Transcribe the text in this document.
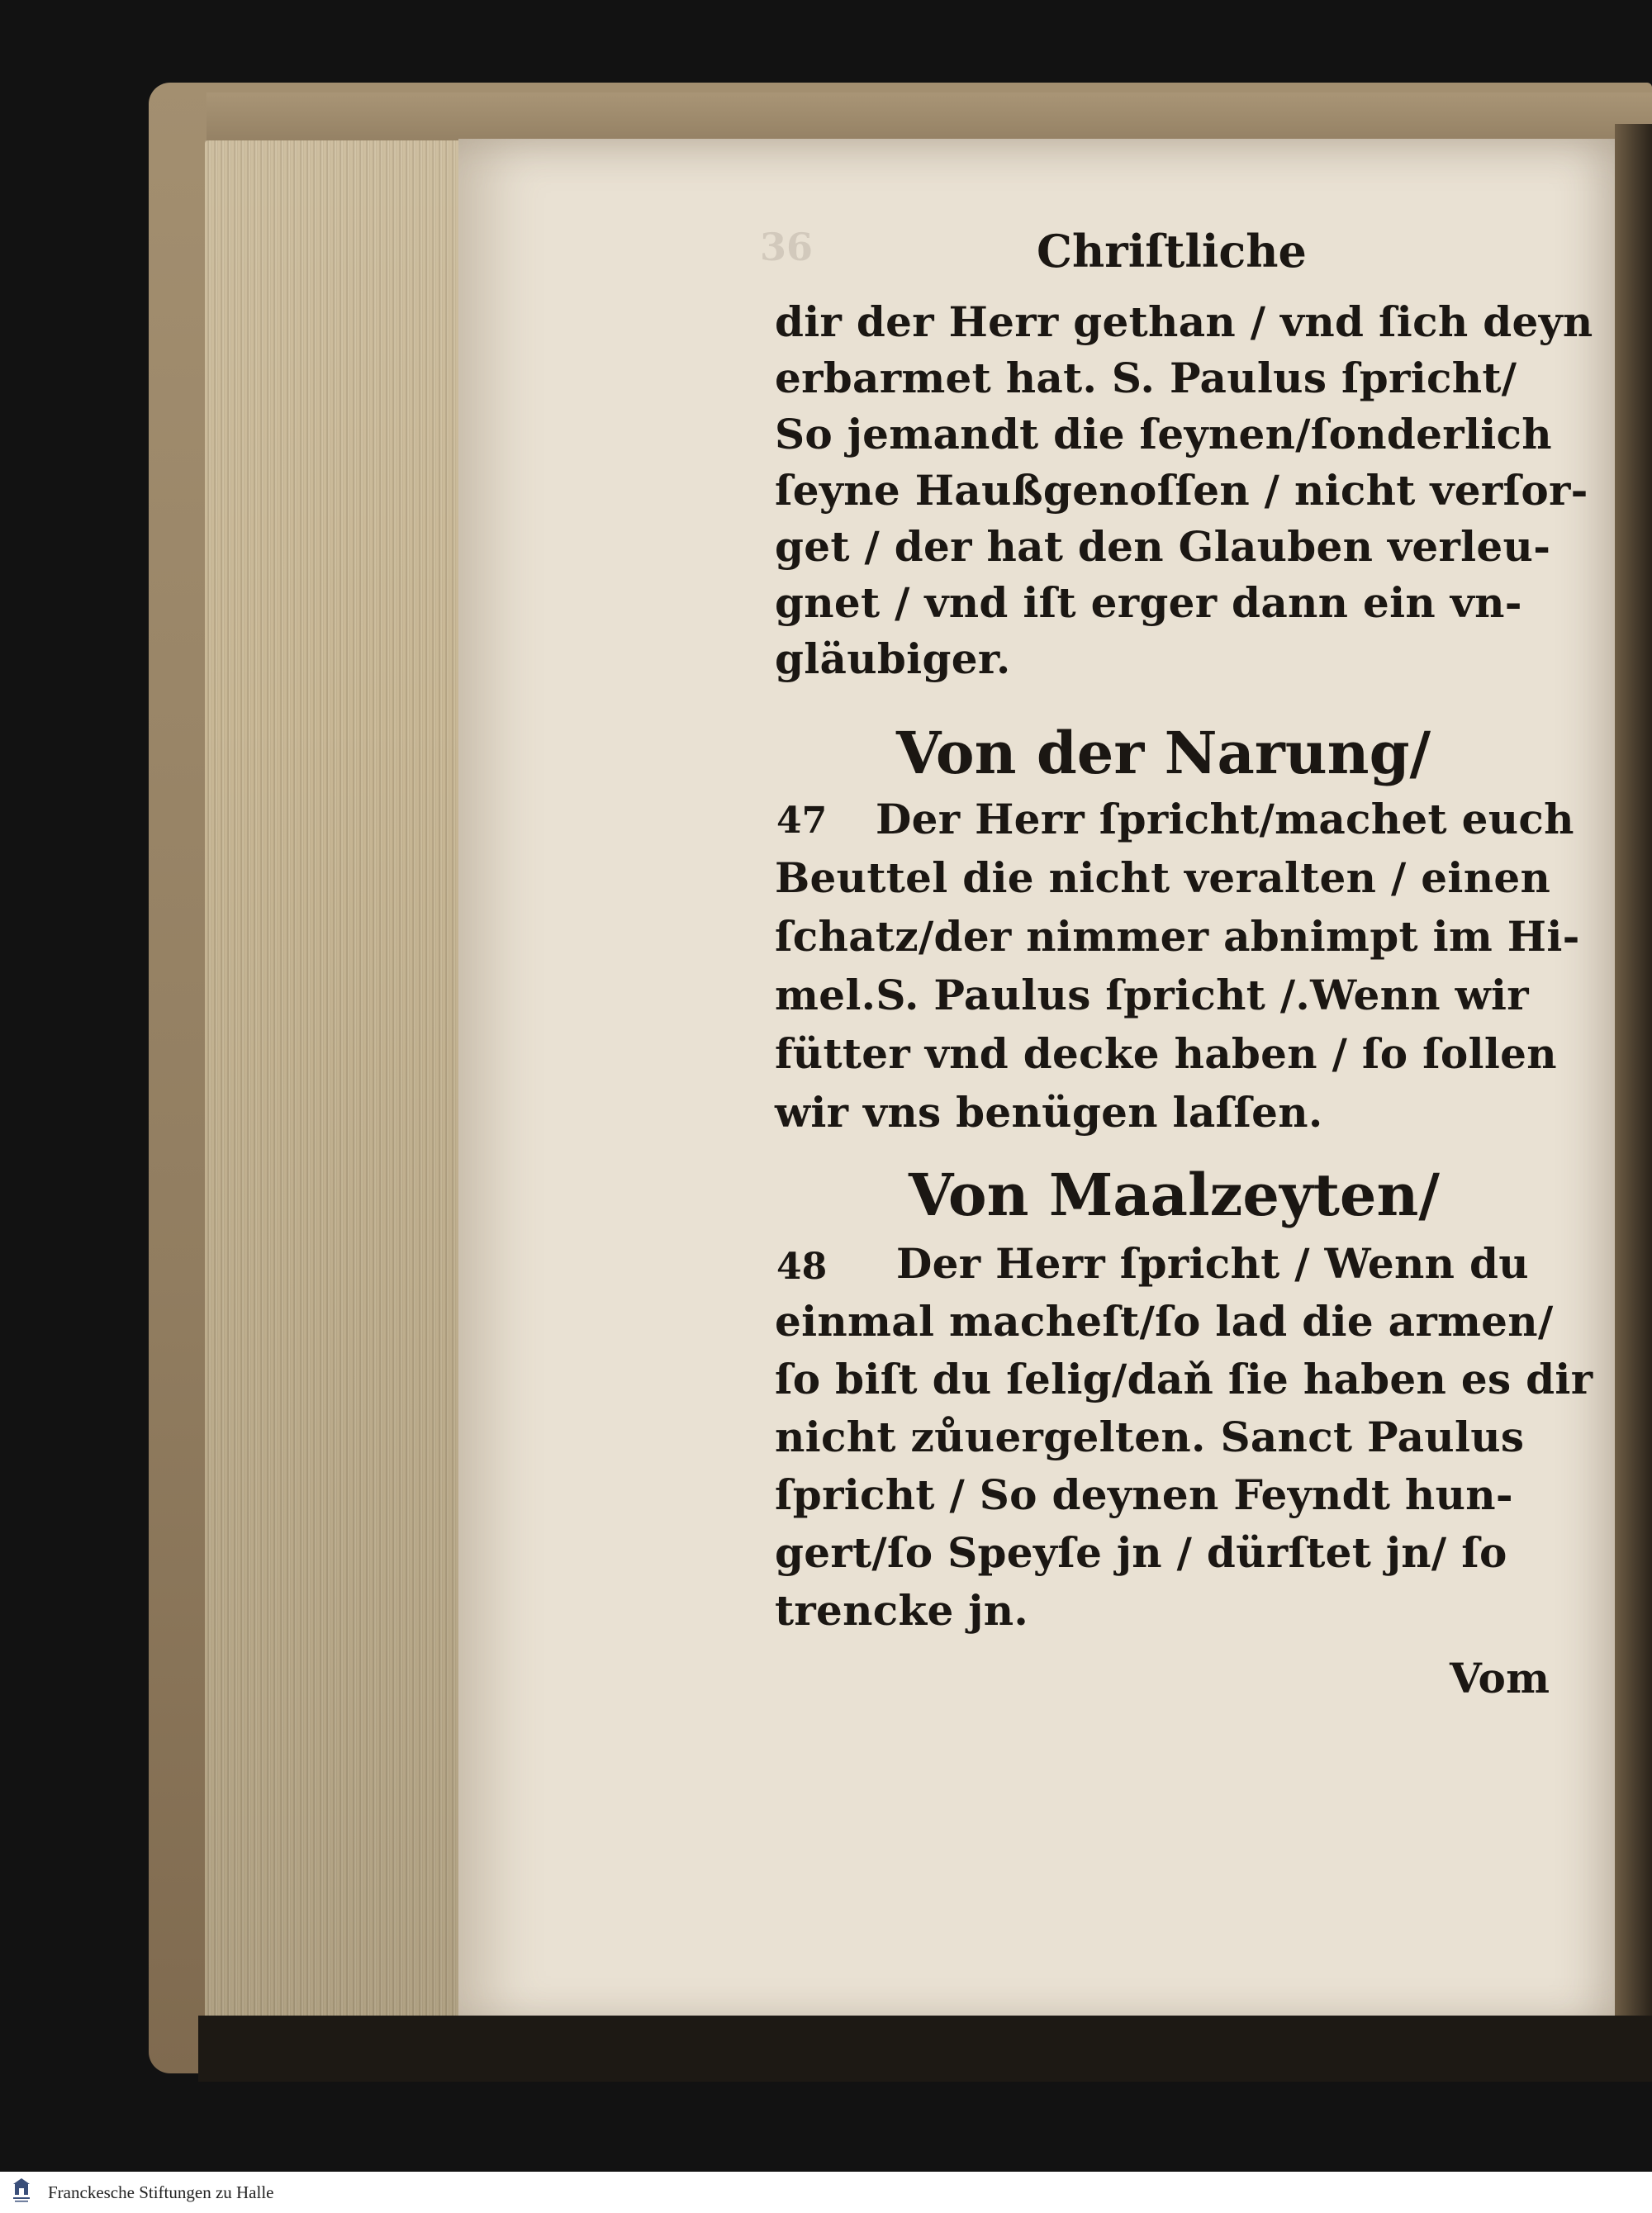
36	Chriſtliche
dir der Herr gethan / vnd ſich deyn
erbarmet hat. S. Paulus ſpricht/
So jemandt die ſeynen/ſonderlich
ſeyne Haußgenoſſen / nicht verſor-
get / der hat den Glauben verleu-
gnet / vnd iſt erger dann ein vn-
gläubiger.
Von der Narung/
47 Der Herr ſpricht/machet euch
Beuttel die nicht veralten / einen
ſchatz/der nimmer abnimpt im Hi-
mel.S. Paulus ſpricht /.Wenn wir
fütter vnd decke haben / ſo ſollen
wir vns benügen laſſen.
Von Maalzeyten/
48 Der Herr ſpricht / Wenn du
einmal macheſt/ſo lad die armen/
ſo biſt du ſelig/daň ſie haben es dir
nicht zůuergelten. Sanct Paulus
ſpricht / So deynen Feyndt hun-
gert/ſo Speyſe jn / dürſtet jn/ ſo
trencke jn.
Vom
Franckesche Stiftungen zu Halle
